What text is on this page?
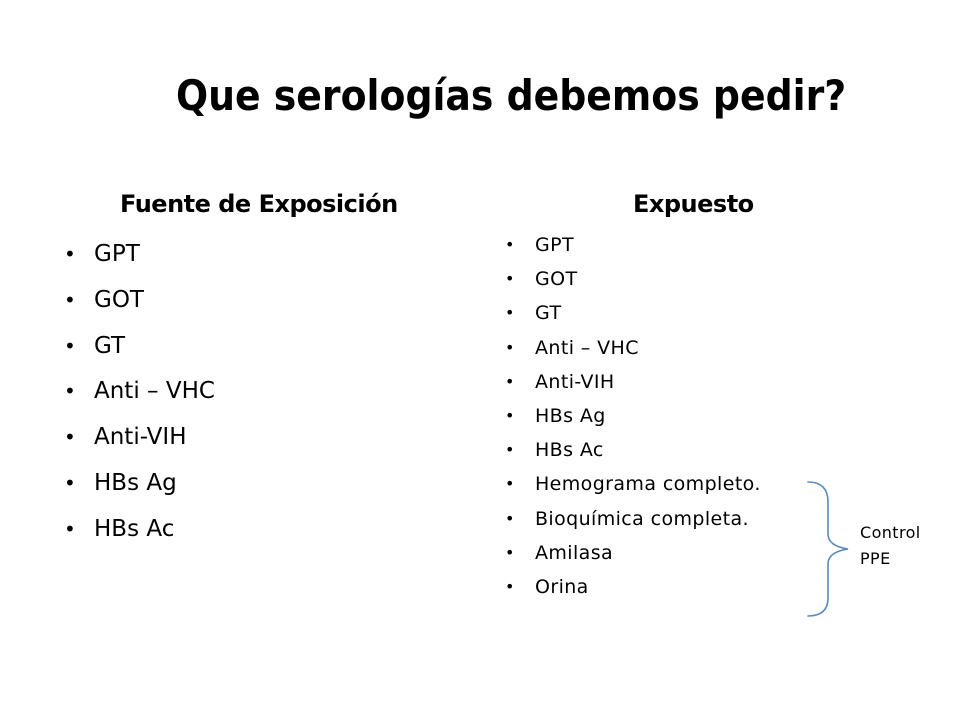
Que serologías debemos pedir?
Fuente de Exposición	Expuesto
• GPT
• GOT
• GT
• Anti – VHC
• Anti-VIH
• HBs Ag
• HBs Ac
• GPT
• GOT
• GT
• Anti – VHC
• Anti-VIH
• HBs Ag
• HBs Ac
• Hemograma completo.
• Bioquímica completa.
• Amilasa
• Orina
Control
PPE
